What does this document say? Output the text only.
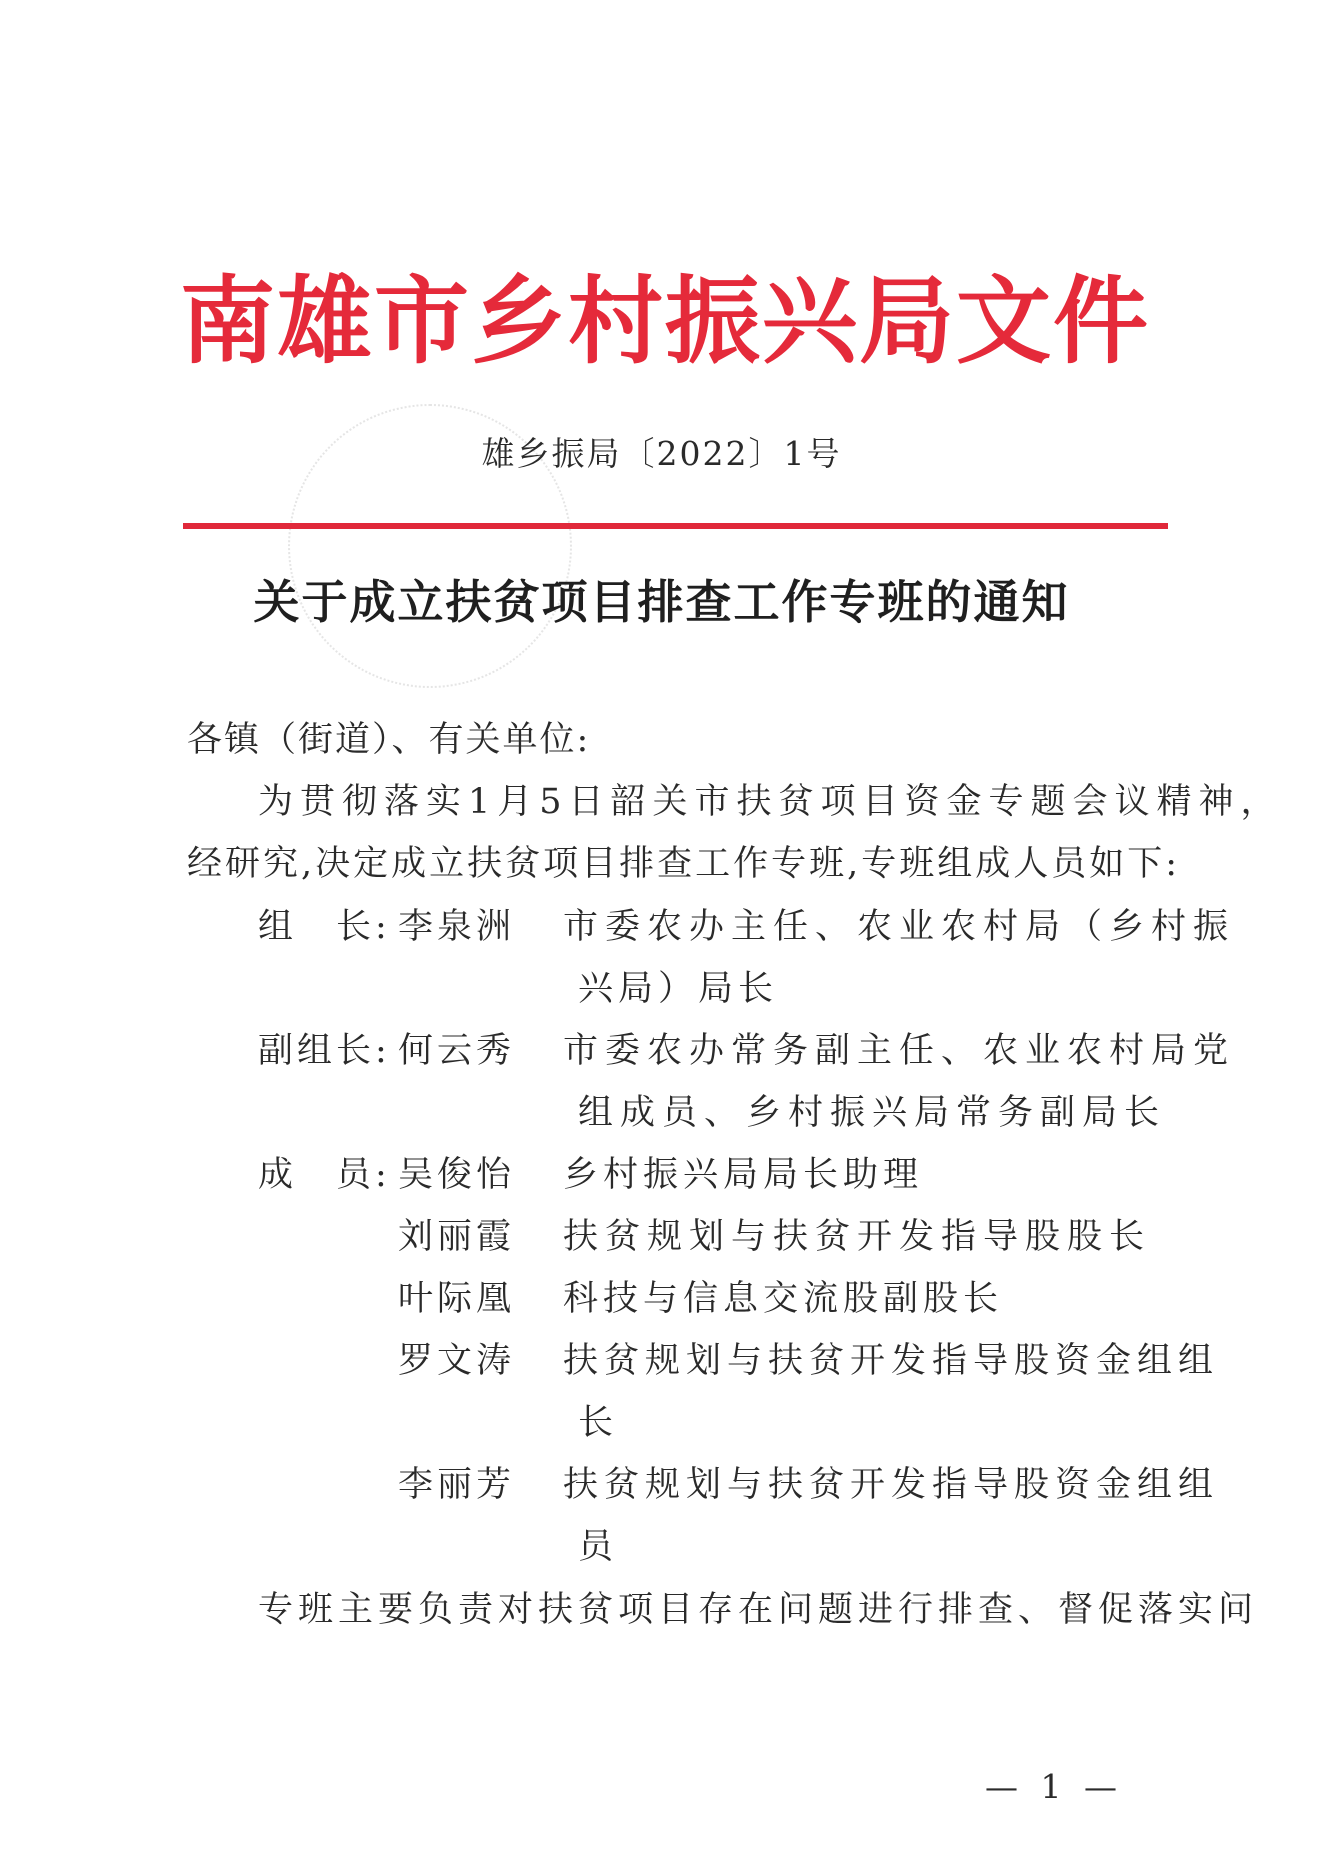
南雄市乡村振兴局文件
雄乡振局〔2022〕1号
关于成立扶贫项目排查工作专班的通知
各镇（街道）、有关单位:
为贯彻落实1月5日韶关市扶贫项目资金专题会议精神，
经研究,决定成立扶贫项目排查工作专班,专班组成人员如下:
组　长: 李泉洲 市委农办主任、农业农村局（乡村振
兴局）局长
副组长: 何云秀 市委农办常务副主任、农业农村局党
组成员、乡村振兴局常务副局长
成　员: 吴俊怡 乡村振兴局局长助理
刘丽霞 扶贫规划与扶贫开发指导股股长
叶际凰 科技与信息交流股副股长
罗文涛 扶贫规划与扶贫开发指导股资金组组
长
李丽芳 扶贫规划与扶贫开发指导股资金组组
员
专班主要负责对扶贫项目存在问题进行排查、督促落实问
— 1 —
